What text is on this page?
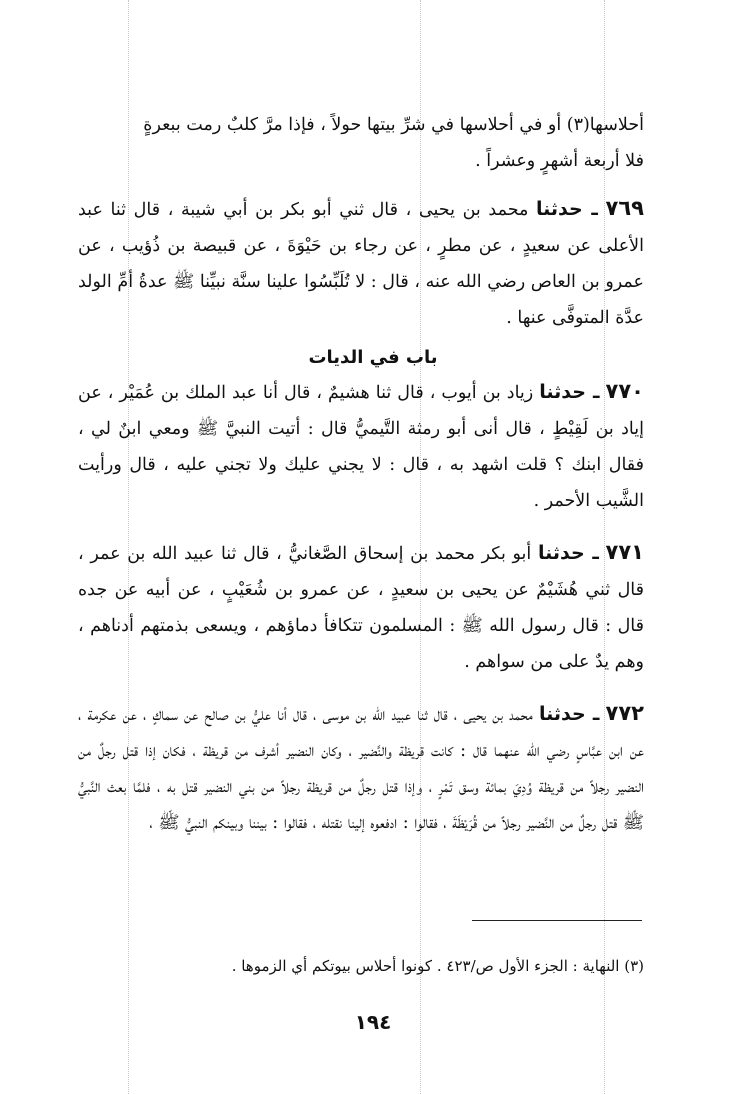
أحلاسها(٣) أو في أحلاسها في شرِّ بيتها حولاً ، فإذا مرَّ كلبٌ رمت ببعرةٍ

فلا أربعة أشهرٍ وعشراً .

٧٦٩ ـ حدثنا محمد بن يحيى ، قال ثني أبو بكر بن أبي شيبة ، قال ثنا عبد الأعلى عن سعيدٍ ، عن مطرٍ ، عن رجاء بن حَيْوَةَ ، عن قبيصة بن ذُؤيب ، عن عمرو بن العاص رضي الله عنه ، قال : لا تُلَبِّسُوا علينا سنَّة نبيِّنا ﷺ عدةُ أمِّ الولد عدَّة المتوفَّى عنها .

باب في الديات

٧٧٠ ـ حدثنا زياد بن أيوب ، قال ثنا هشيمٌ ، قال أنا عبد الملك بن عُمَيْر ، عن إياد بن لَقِيْطٍ ، قال أنى أبو رمثة التَّيميُّ قال : أتيت النبيَّ ﷺ ومعي ابنٌ لي ، فقال ابنك ؟ قلت اشهد به ، قال : لا يجني عليك ولا تجني عليه ، قال ورأيت الشَّيب الأحمر .

٧٧١ ـ حدثنا أبو بكر محمد بن إسحاق الصَّغانيُّ ، قال ثنا عبيد الله بن عمر ، قال ثني هُشَيْمٌ عن يحيى بن سعيدٍ ، عن عمرو بن شُعَيْبٍ ، عن أبيه عن جده قال : قال رسول الله ﷺ : المسلمون تتكافأ دماؤهم ، ويسعى بذمتهم أدناهم ، وهم يدٌ على من سواهم .

٧٧٢ ـ حدثنا محمد بن يحيى ، قال ثنا عبيد الله بن موسى ، قال أنا عليُّ بن صالح عن سماكٍ ، عن عكرمة ، عن ابن عبَّاسٍ رضي الله عنهما قال : كانت قريظة والنَّضير ، وكان النضير أشرف من قريظة ، فكان إذا قتل رجلٌ من النضير رجلاً من قريظة وُدِيَ بمائة وسق تَمْرٍ ، وإذا قتل رجلٌ من قريظة رجلاً من بني النضير قتل به ، فلمَّا بعث النَّبيُّ ﷺ قتل رجلٌ من النَّضير رجلاً من قُرَيْظَةَ ، فقالوا : ادفعوه إلينا نقتله ، فقالوا : بيننا وبينكم النبيُّ ﷺ ،

(٣) النهاية : الجزء الأول ص/٤٢٣ . كونوا أحلاس بيوتكم أي الزموها .
١٩٤
